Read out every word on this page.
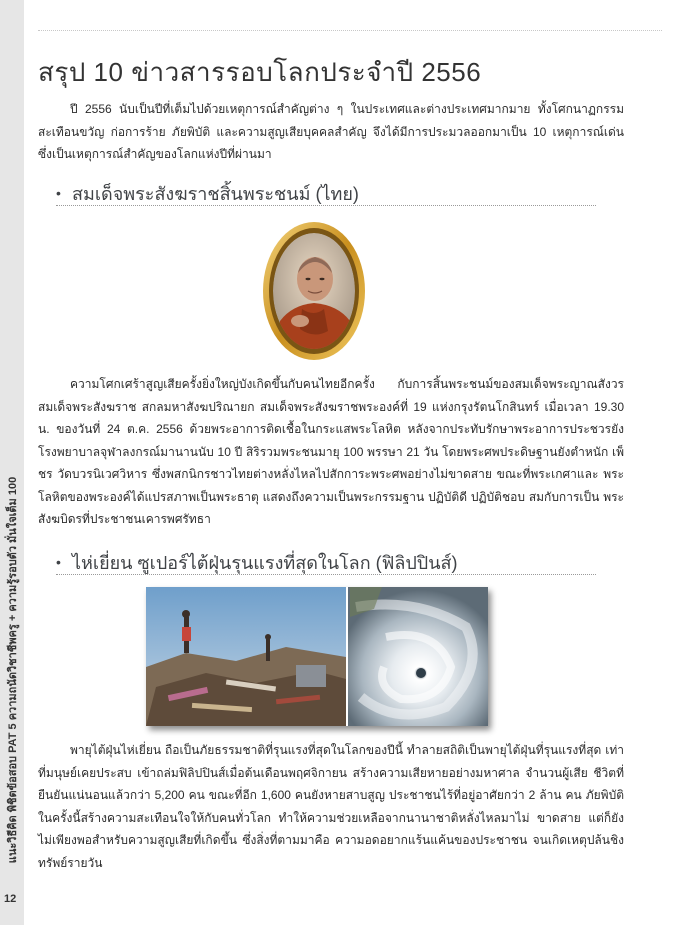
แนะวิธีคิด พิชิตข้อสอบ PAT 5 ความถนัดวิชาชีพครู + ความรู้รอบตัว มั่นใจเต็ม 100
12
สรุป 10 ข่าวสารรอบโลกประจำปี 2556

ปี 2556 นับเป็นปีที่เต็มไปด้วยเหตุการณ์สำคัญต่าง ๆ ในประเทศและต่างประเทศมากมาย ทั้งโศกนาฏกรรม สะเทือนขวัญ ก่อการร้าย ภัยพิบัติ และความสูญเสียบุคคลสำคัญ จึงได้มีการประมวลออกมาเป็น 10 เหตุการณ์เด่น ซึ่งเป็นเหตุการณ์สำคัญของโลกแห่งปีที่ผ่านมา

• สมเด็จพระสังฆราชสิ้นพระชนม์ (ไทย)

ความโศกเศร้าสูญเสียครั้งยิ่งใหญ่บังเกิดขึ้นกับคนไทยอีกครั้ง กับการสิ้นพระชนม์ของสมเด็จพระญาณสังวร สมเด็จพระสังฆราช สกลมหาสังฆปริณายก สมเด็จพระสังฆราชพระองค์ที่ 19 แห่งกรุงรัตนโกสินทร์ เมื่อเวลา 19.30 น. ของวันที่ 24 ต.ค. 2556 ด้วยพระอาการติดเชื้อในกระแสพระโลหิต หลังจากประทับรักษาพระอาการประชวรยัง โรงพยาบาลจุฬาลงกรณ์มานานนับ 10 ปี สิริรวมพระชนมายุ 100 พรรษา 21 วัน โดยพระศพประดิษฐานยังตำหนัก เพ็ชร วัดบวรนิเวศวิหาร ซึ่งพสกนิกรชาวไทยต่างหลั่งไหลไปสักการะพระศพอย่างไม่ขาดสาย ขณะที่พระเกศาและ พระโลหิตของพระองค์ได้แปรสภาพเป็นพระธาตุ แสดงถึงความเป็นพระกรรมฐาน ปฏิบัติดี ปฏิบัติชอบ สมกับการเป็น พระสังฆบิดรที่ประชาชนเคารพศรัทธา

• ไห่เยี่ยน ซูเปอร์ไต้ฝุ่นรุนแรงที่สุดในโลก (ฟิลิปปินส์)

พายุไต้ฝุ่นไห่เยี่ยน ถือเป็นภัยธรรมชาติที่รุนแรงที่สุดในโลกของปีนี้ ทำลายสถิติเป็นพายุไต้ฝุ่นที่รุนแรงที่สุด เท่าที่มนุษย์เคยประสบ เข้าถล่มฟิลิปปินส์เมื่อต้นเดือนพฤศจิกายน สร้างความเสียหายอย่างมหาศาล จำนวนผู้เสีย ชีวิตที่ยืนยันแน่นอนแล้วกว่า 5,200 คน ขณะที่อีก 1,600 คนยังหายสาบสูญ ประชาชนไร้ที่อยู่อาศัยกว่า 2 ล้าน คน ภัยพิบัติในครั้งนี้สร้างความสะเทือนใจให้กับคนทั่วโลก ทำให้ความช่วยเหลือจากนานาชาติหลั่งไหลมาไม่ ขาดสาย แต่ก็ยังไม่เพียงพอสำหรับความสูญเสียที่เกิดขึ้น ซึ่งสิ่งที่ตามมาคือ ความอดอยากแร้นแค้นของประชาชน จนเกิดเหตุปล้นชิงทรัพย์รายวัน
